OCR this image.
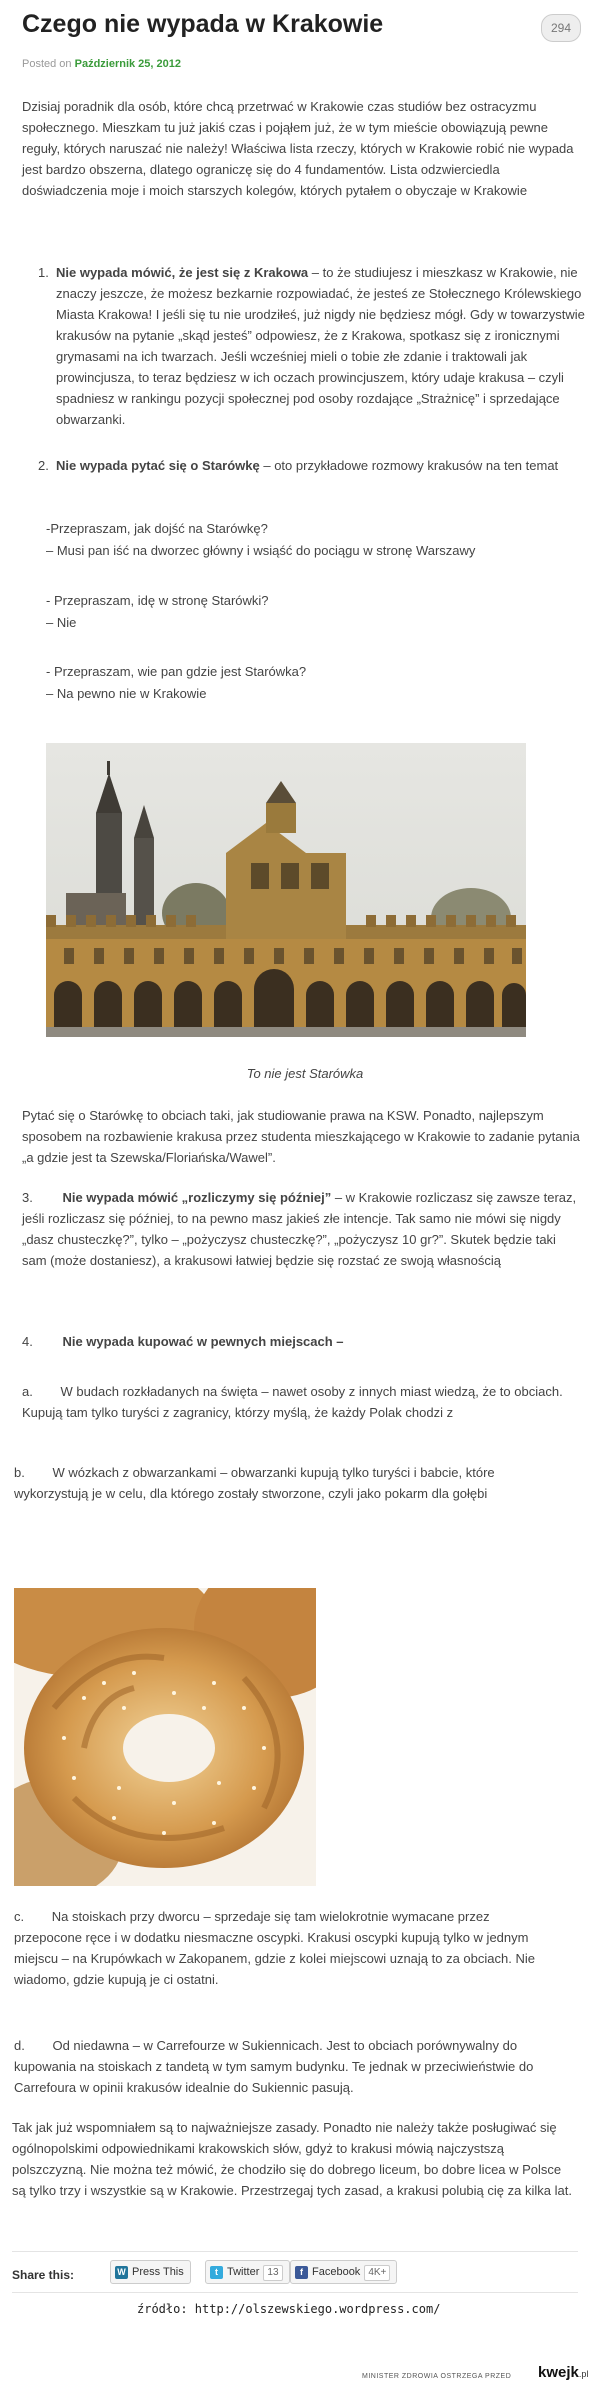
Czego nie wypada w Krakowie	294
Posted on Październik 25, 2012

Dzisiaj poradnik dla osób, które chcą przetrwać w Krakowie czas studiów bez ostracyzmu społecznego. Mieszkam tu już jakiś czas i pojąłem już, że w tym mieście obowiązują pewne reguły, których naruszać nie należy! Właściwa lista rzeczy, których w Krakowie robić nie wypada jest bardzo obszerna, dlatego ograniczę się do 4 fundamentów. Lista odzwierciedla doświadczenia moje i moich starszych kolegów, których pytałem o obyczaje w Krakowie

1. Nie wypada mówić, że jest się z Krakowa – to że studiujesz i mieszkasz w Krakowie, nie znaczy jeszcze, że możesz bezkarnie rozpowiadać, że jesteś ze Stołecznego Królewskiego Miasta Krakowa! I jeśli się tu nie urodziłeś, już nigdy nie będziesz mógł. Gdy w towarzystwie krakusów na pytanie „skąd jesteś” odpowiesz, że z Krakowa, spotkasz się z ironicznymi grymasami na ich twarzach. Jeśli wcześniej mieli o tobie złe zdanie i traktowali jak prowincjusza, to teraz będziesz w ich oczach prowincjuszem, który udaje krakusa – czyli spadniesz w rankingu pozycji społecznej pod osoby rozdające „Strażnicę” i sprzedające obwarzanki.
2. Nie wypada pytać się o Starówkę – oto przykładowe rozmowy krakusów na ten temat
-Przepraszam, jak dojść na Starówkę?
– Musi pan iść na dworzec główny i wsiąść do pociągu w stronę Warszawy
- Przepraszam, idę w stronę Starówki?
– Nie
- Przepraszam, wie pan gdzie jest Starówka?
– Na pewno nie w Krakowie
To nie jest Starówka

Pytać się o Starówkę to obciach taki, jak studiowanie prawa na KSW. Ponadto, najlepszym sposobem na rozbawienie krakusa przez studenta mieszkającego w Krakowie to zadanie pytania „a gdzie jest ta Szewska/Floriańska/Wawel”.

3. Nie wypada mówić „rozliczymy się później” – w Krakowie rozliczasz się zawsze teraz, jeśli rozliczasz się później, to na pewno masz jakieś złe intencje. Tak samo nie mówi się nigdy „dasz chusteczkę?”, tylko – „pożyczysz chusteczkę?”, „pożyczysz 10 gr?”. Skutek będzie taki sam (może dostaniesz), a krakusowi łatwiej będzie się rozstać ze swoją własnością
4. Nie wypada kupować w pewnych miejscach –
a. W budach rozkładanych na święta – nawet osoby z innych miast wiedzą, że to obciach. Kupują tam tylko turyści z zagranicy, którzy myślą, że każdy Polak chodzi z
b. W wózkach z obwarzankami – obwarzanki kupują tylko turyści i babcie, które wykorzystują je w celu, dla którego zostały stworzone, czyli jako pokarm dla gołębi
c. Na stoiskach przy dworcu – sprzedaje się tam wielokrotnie wymacane przez przepocone ręce i w dodatku niesmaczne oscypki. Krakusi oscypki kupują tylko w jednym miejscu – na Krupówkach w Zakopanem, gdzie z kolei miejscowi uznają to za obciach. Nie wiadomo, gdzie kupują je ci ostatni.
d. Od niedawna – w Carrefourze w Sukiennicach. Jest to obciach porównywalny do kupowania na stoiskach z tandetą w tym samym budynku. Te jednak w przeciwieństwie do Carrefoura w opinii krakusów idealnie do Sukiennic pasują.

Tak jak już wspomniałem są to najważniejsze zasady. Ponadto nie należy także posługiwać się ogólnopolskimi odpowiednikami krakowskich słów, gdyż to krakusi mówią najczystszą polszczyzną. Nie można też mówić, że chodziło się do dobrego liceum, bo dobre licea w Polsce są tylko trzy i wszystkie są w Krakowie. Przestrzegaj tych zasad, a krakusi polubią cię za kilka lat.

Share this:	W Press This	t Twitter 13	f Facebook 4K+
źródło: http://olszewskiego.wordpress.com/
MINISTER ZDROWIA OSTRZEGA PRZED kwejk.pl
